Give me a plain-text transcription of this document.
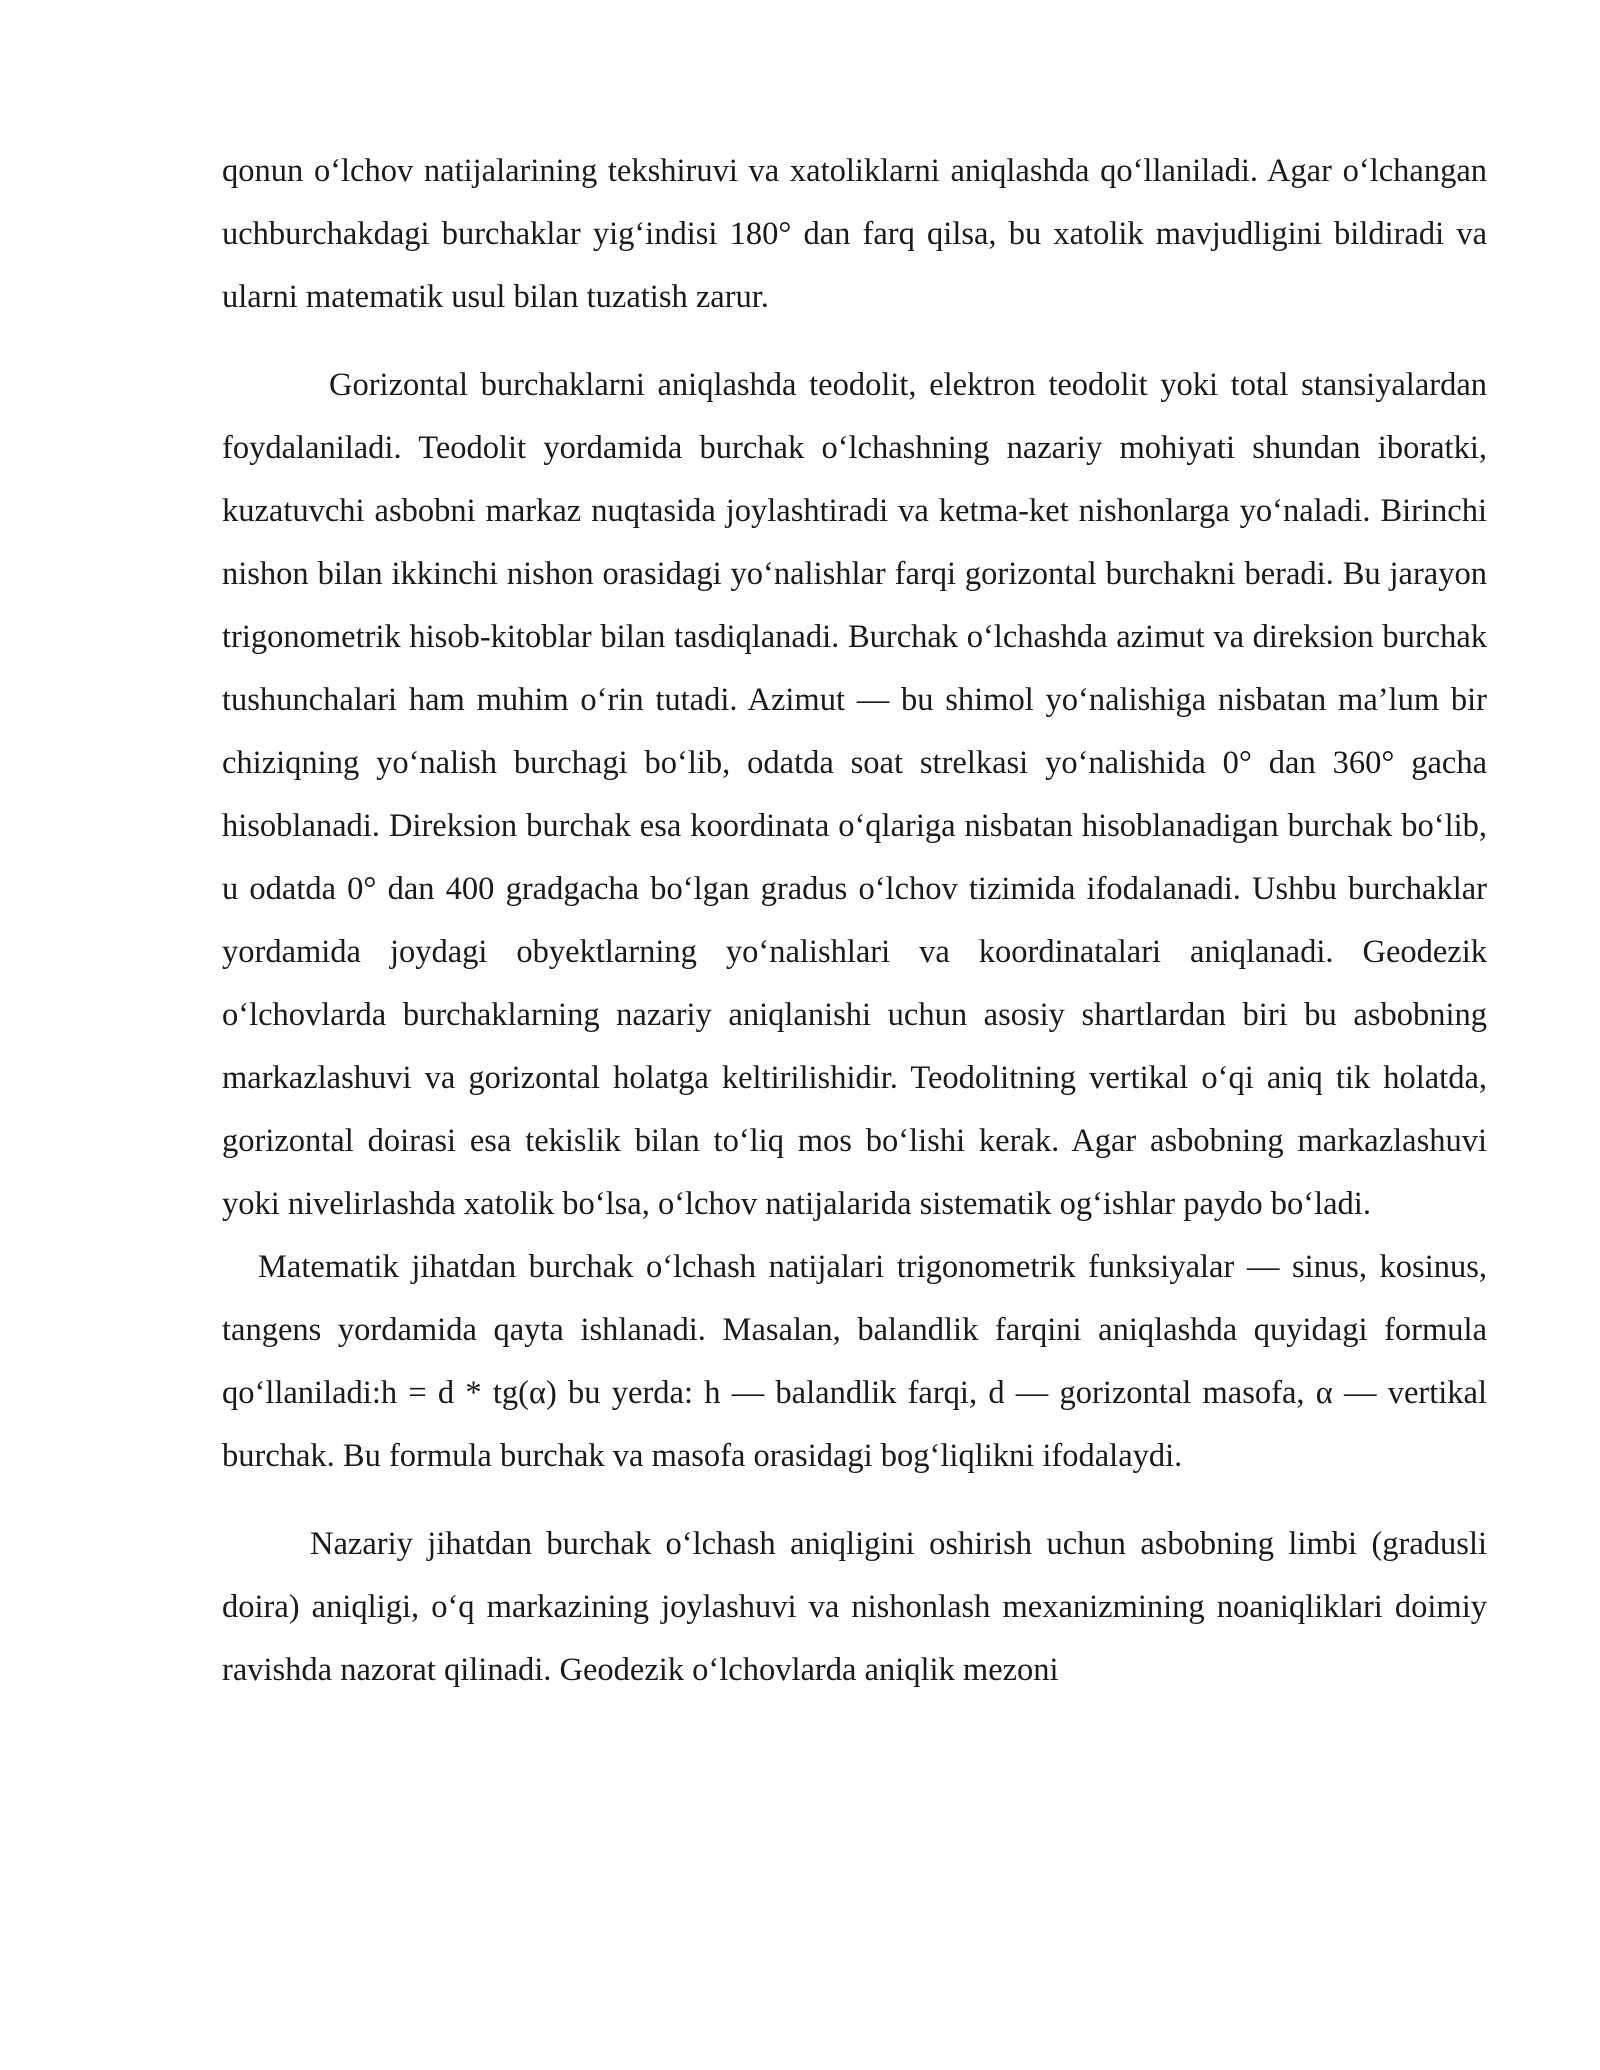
qonun o‘lchov natijalarining tekshiruvi va xatoliklarni aniqlashda qo‘llaniladi. Agar o‘lchangan uchburchakdagi burchaklar yig‘indisi 180° dan farq qilsa, bu xatolik mavjudligini bildiradi va ularni matematik usul bilan tuzatish zarur.

Gorizontal burchaklarni aniqlashda teodolit, elektron teodolit yoki total stansiyalardan foydalaniladi. Teodolit yordamida burchak o‘lchashning nazariy mohiyati shundan iboratki, kuzatuvchi asbobni markaz nuqtasida joylashtiradi va ketma-ket nishonlarga yo‘naladi. Birinchi nishon bilan ikkinchi nishon orasidagi yo‘nalishlar farqi gorizontal burchakni beradi. Bu jarayon trigonometrik hisob-kitoblar bilan tasdiqlanadi. Burchak o‘lchashda azimut va direksion burchak tushunchalari ham muhim o‘rin tutadi. Azimut — bu shimol yo‘nalishiga nisbatan ma’lum bir chiziqning yo‘nalish burchagi bo‘lib, odatda soat strelkasi yo‘nalishida 0° dan 360° gacha hisoblanadi. Direksion burchak esa koordinata o‘qlariga nisbatan hisoblanadigan burchak bo‘lib, u odatda 0° dan 400 gradgacha bo‘lgan gradus o‘lchov tizimida ifodalanadi. Ushbu burchaklar yordamida joydagi obyektlarning yo‘nalishlari va koordinatalari aniqlanadi. Geodezik o‘lchovlarda burchaklarning nazariy aniqlanishi uchun asosiy shartlardan biri bu asbobning markazlashuvi va gorizontal holatga keltirilishidir. Teodolitning vertikal o‘qi aniq tik holatda, gorizontal doirasi esa tekislik bilan to‘liq mos bo‘lishi kerak. Agar asbobning markazlashuvi yoki nivelirlashda xatolik bo‘lsa, o‘lchov natijalarida sistematik og‘ishlar paydo bo‘ladi.

Matematik jihatdan burchak o‘lchash natijalari trigonometrik funksiyalar — sinus, kosinus, tangens yordamida qayta ishlanadi. Masalan, balandlik farqini aniqlashda quyidagi formula qo‘llaniladi:h = d * tg(α) bu yerda: h — balandlik farqi, d — gorizontal masofa, α — vertikal burchak. Bu formula burchak va masofa orasidagi bog‘liqlikni ifodalaydi.

Nazariy jihatdan burchak o‘lchash aniqligini oshirish uchun asbobning limbi (gradusli doira) aniqligi, o‘q markazining joylashuvi va nishonlash mexanizmining noaniqliklari doimiy ravishda nazorat qilinadi. Geodezik o‘lchovlarda aniqlik mezoni
